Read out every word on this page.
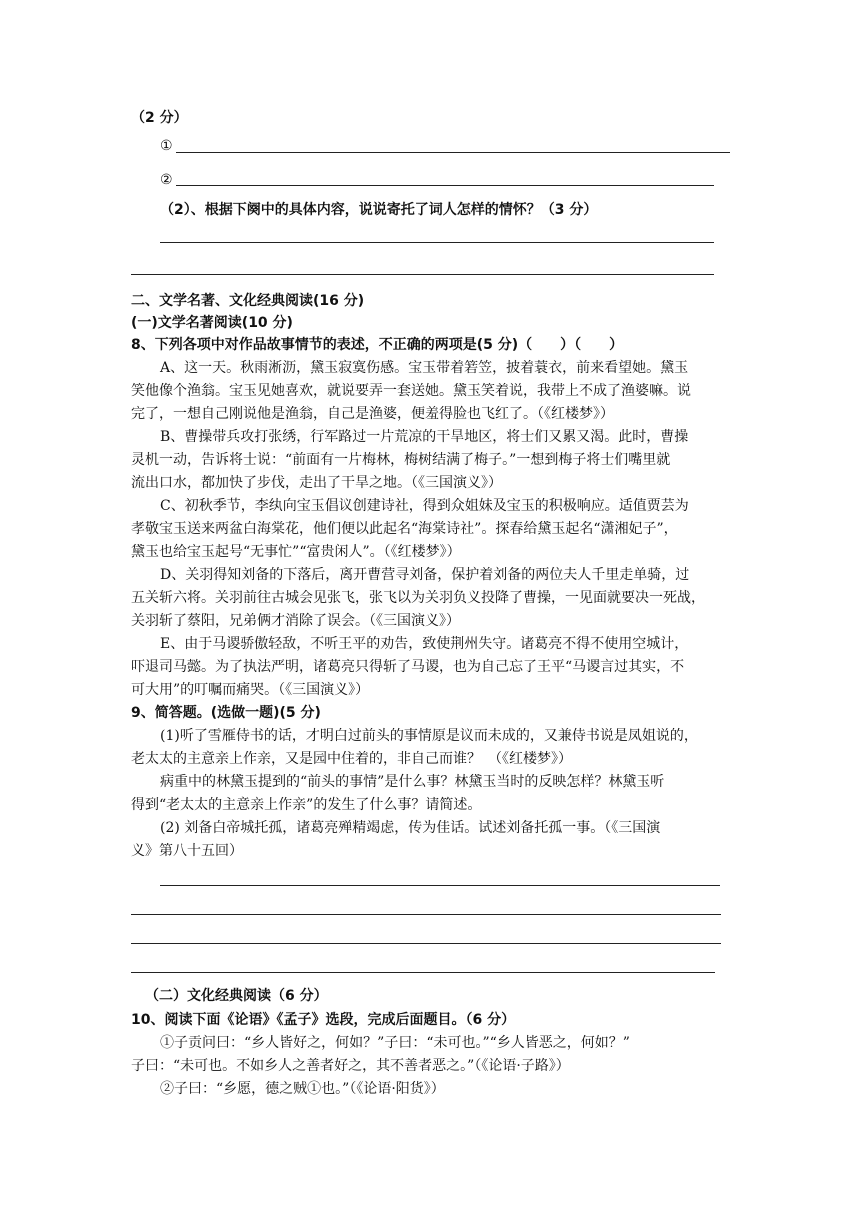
（2 分）
①
②
（2）、根据下阕中的具体内容，说说寄托了词人怎样的情怀？（3 分）
二、文学名著、文化经典阅读(16 分)
(一)文学名著阅读(10 分)
8、下列各项中对作品故事情节的表述，不正确的两项是(5 分)（　　）（　　）
A、这一天。秋雨淅沥，黛玉寂寞伤感。宝玉带着箬笠，披着蓑衣，前来看望她。黛玉
笑他像个渔翁。宝玉见她喜欢，就说要弄一套送她。黛玉笑着说，我带上不成了渔婆嘛。说
完了，一想自己刚说他是渔翁，自己是渔婆，便羞得脸也飞红了。（《红楼梦》）
B、曹操带兵攻打张绣，行军路过一片荒凉的干旱地区，将士们又累又渴。此时，曹操
灵机一动，告诉将士说：“前面有一片梅林，梅树结满了梅子。”一想到梅子将士们嘴里就
流出口水，都加快了步伐，走出了干旱之地。（《三国演义》）
C、初秋季节，李纨向宝玉倡议创建诗社，得到众姐妹及宝玉的积极响应。适值贾芸为
孝敬宝玉送来两盆白海棠花，他们便以此起名“海棠诗社”。探春给黛玉起名“潇湘妃子”，
黛玉也给宝玉起号“无事忙”“富贵闲人”。（《红楼梦》）
D、关羽得知刘备的下落后，离开曹营寻刘备，保护着刘备的两位夫人千里走单骑，过
五关斩六将。关羽前往古城会见张飞，张飞以为关羽负义投降了曹操，一见面就要决一死战，
关羽斩了蔡阳，兄弟俩才消除了误会。（《三国演义》）
E、由于马谡骄傲轻敌，不听王平的劝告，致使荆州失守。诸葛亮不得不使用空城计，
吓退司马懿。为了执法严明，诸葛亮只得斩了马谡，也为自己忘了王平“马谡言过其实，不
可大用”的叮嘱而痛哭。（《三国演义》）
9、简答题。(选做一题)(5 分)
(1)听了雪雁侍书的话，才明白过前头的事情原是议而未成的，又兼侍书说是凤姐说的，
老太太的主意亲上作亲，又是园中住着的，非自己而谁？　（《红楼梦》）
病重中的林黛玉提到的“前头的事情”是什么事？林黛玉当时的反映怎样？林黛玉听
得到“老太太的主意亲上作亲”的发生了什么事？请简述。
(2) 刘备白帝城托孤，诸葛亮殚精竭虑，传为佳话。试述刘备托孤一事。（《三国演
义》第八十五回）
（二）文化经典阅读（6 分）
10、阅读下面《论语》《孟子》选段，完成后面题目。（6 分）
①子贡问曰：“乡人皆好之，何如？”子曰：“未可也。”“乡人皆恶之，何如？”
子曰：“未可也。不如乡人之善者好之，其不善者恶之。”（《论语·子路》）
②子曰：“乡愿，德之贼①也。”（《论语·阳货》）
